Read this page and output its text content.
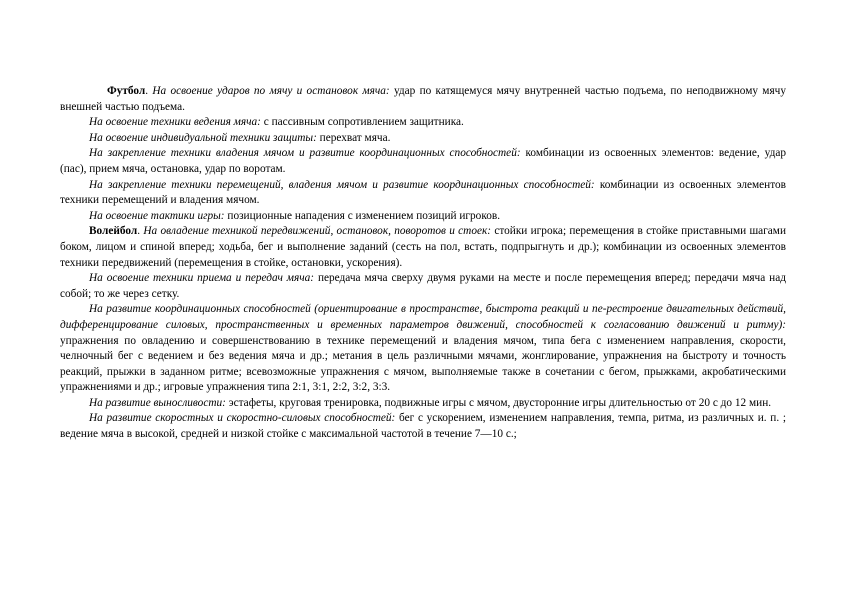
Футбол. На освоение ударов по мячу и остановок мяча: удар по катящемуся мячу внутренней частью подъема, по неподвижному мячу внешней частью подъема.

На освоение техники ведения мяча: с пассивным сопротивлением защитника.

На освоение индивидуальной техники защиты: перехват мяча.

На закрепление техники владения мячом и развитие координационных способностей: комбинации из освоенных элементов: ведение, удар (пас), прием мяча, остановка, удар по воротам.

На закрепление техники перемещений, владения мячом и развитие координационных способностей: комбинации из освоенных элементов техники перемещений и владения мячом.

На освоение тактики игры: позиционные нападения с изменением позиций игроков.

Волейбол. На овладение техникой передвижений, остановок, поворотов и стоек: стойки игрока; перемещения в стойке приставными шагами боком, лицом и спиной вперед; ходьба, бег и выполнение заданий (сесть на пол, встать, подпрыгнуть и др.); комбинации из освоенных элементов техники передвижений (перемещения в стойке, остановки, ускорения).

На освоение техники приема и передач мяча: передача мяча сверху двумя руками на месте и после перемещения вперед; передачи мяча над собой; то же через сетку.

На развитие координационных способностей (ориентирование в пространстве, быстрота реакций и пе-рестроение двигательных действий, дифференцирование силовых, пространственных и временных параметров движений, способностей к согласованию движений и ритму): упражнения по овладению и совершенствованию в технике перемещений и владения мячом, типа бега с изменением направления, скорости, челночный бег с ведением и без ведения мяча и др.; метания в цель различными мячами, жонглирование, упражнения на быстроту и точность реакций, прыжки в заданном ритме; всевозможные упражнения с мячом, выполняемые также в сочетании с бегом, прыжками, акробатическими упражнениями и др.; игровые упражнения типа 2:1, 3:1, 2:2, 3:2, 3:3.

На развитие выносливости: эстафеты, круговая тренировка, подвижные игры с мячом, двусторонние игры длительностью от 20 с до 12 мин.

На развитие скоростных и скоростно-силовых способностей: бег с ускорением, изменением направления, темпа, ритма, из различных и. п. ; ведение мяча в высокой, средней и низкой стойке с максимальной частотой в течение 7—10 с.;
